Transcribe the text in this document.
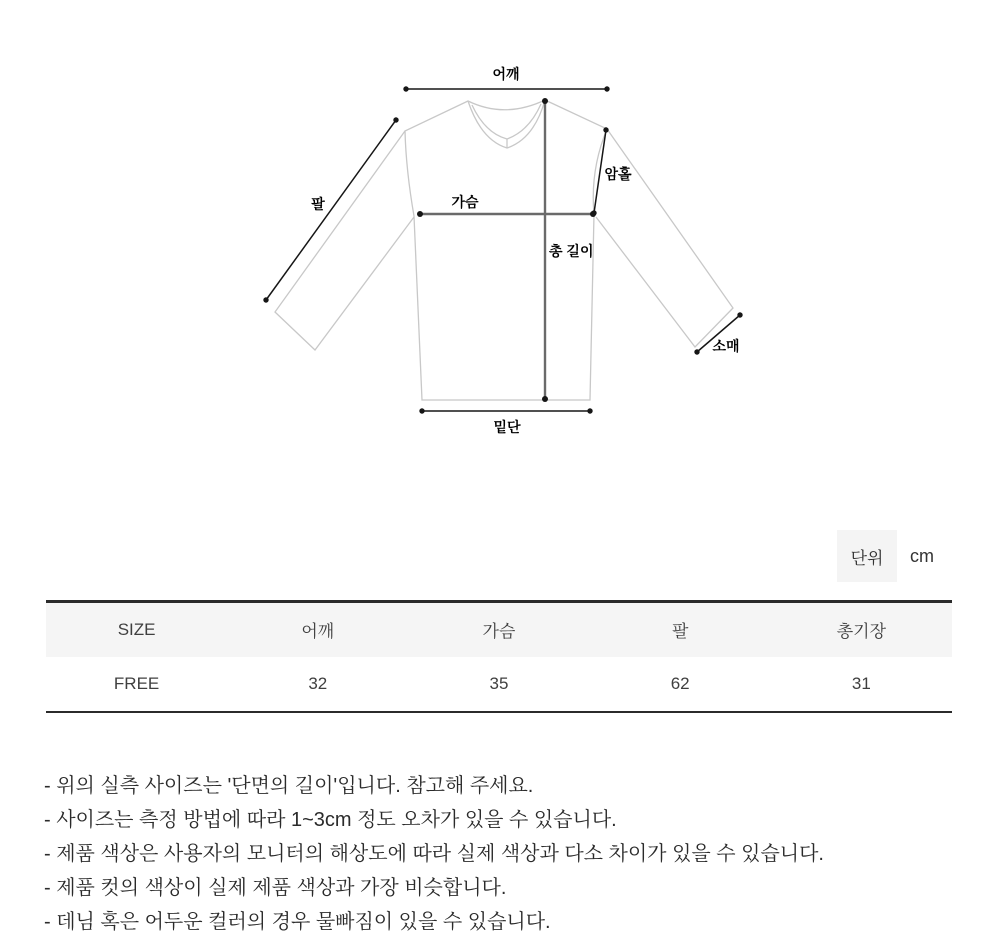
어깨
팔	가슴
암홀
총 길이
소매
밑단
단위 cm
SIZE	어깨	가슴	팔	총기장
FREE	32	35	62	31
- 위의 실측 사이즈는 '단면의 길이'입니다. 참고해 주세요.
- 사이즈는 측정 방법에 따라 1~3cm 정도 오차가 있을 수 있습니다.
- 제품 색상은 사용자의 모니터의 해상도에 따라 실제 색상과 다소 차이가 있을 수 있습니다.
- 제품 컷의 색상이 실제 제품 색상과 가장 비슷합니다.
- 데님 혹은 어두운 컬러의 경우 물빠짐이 있을 수 있습니다.
